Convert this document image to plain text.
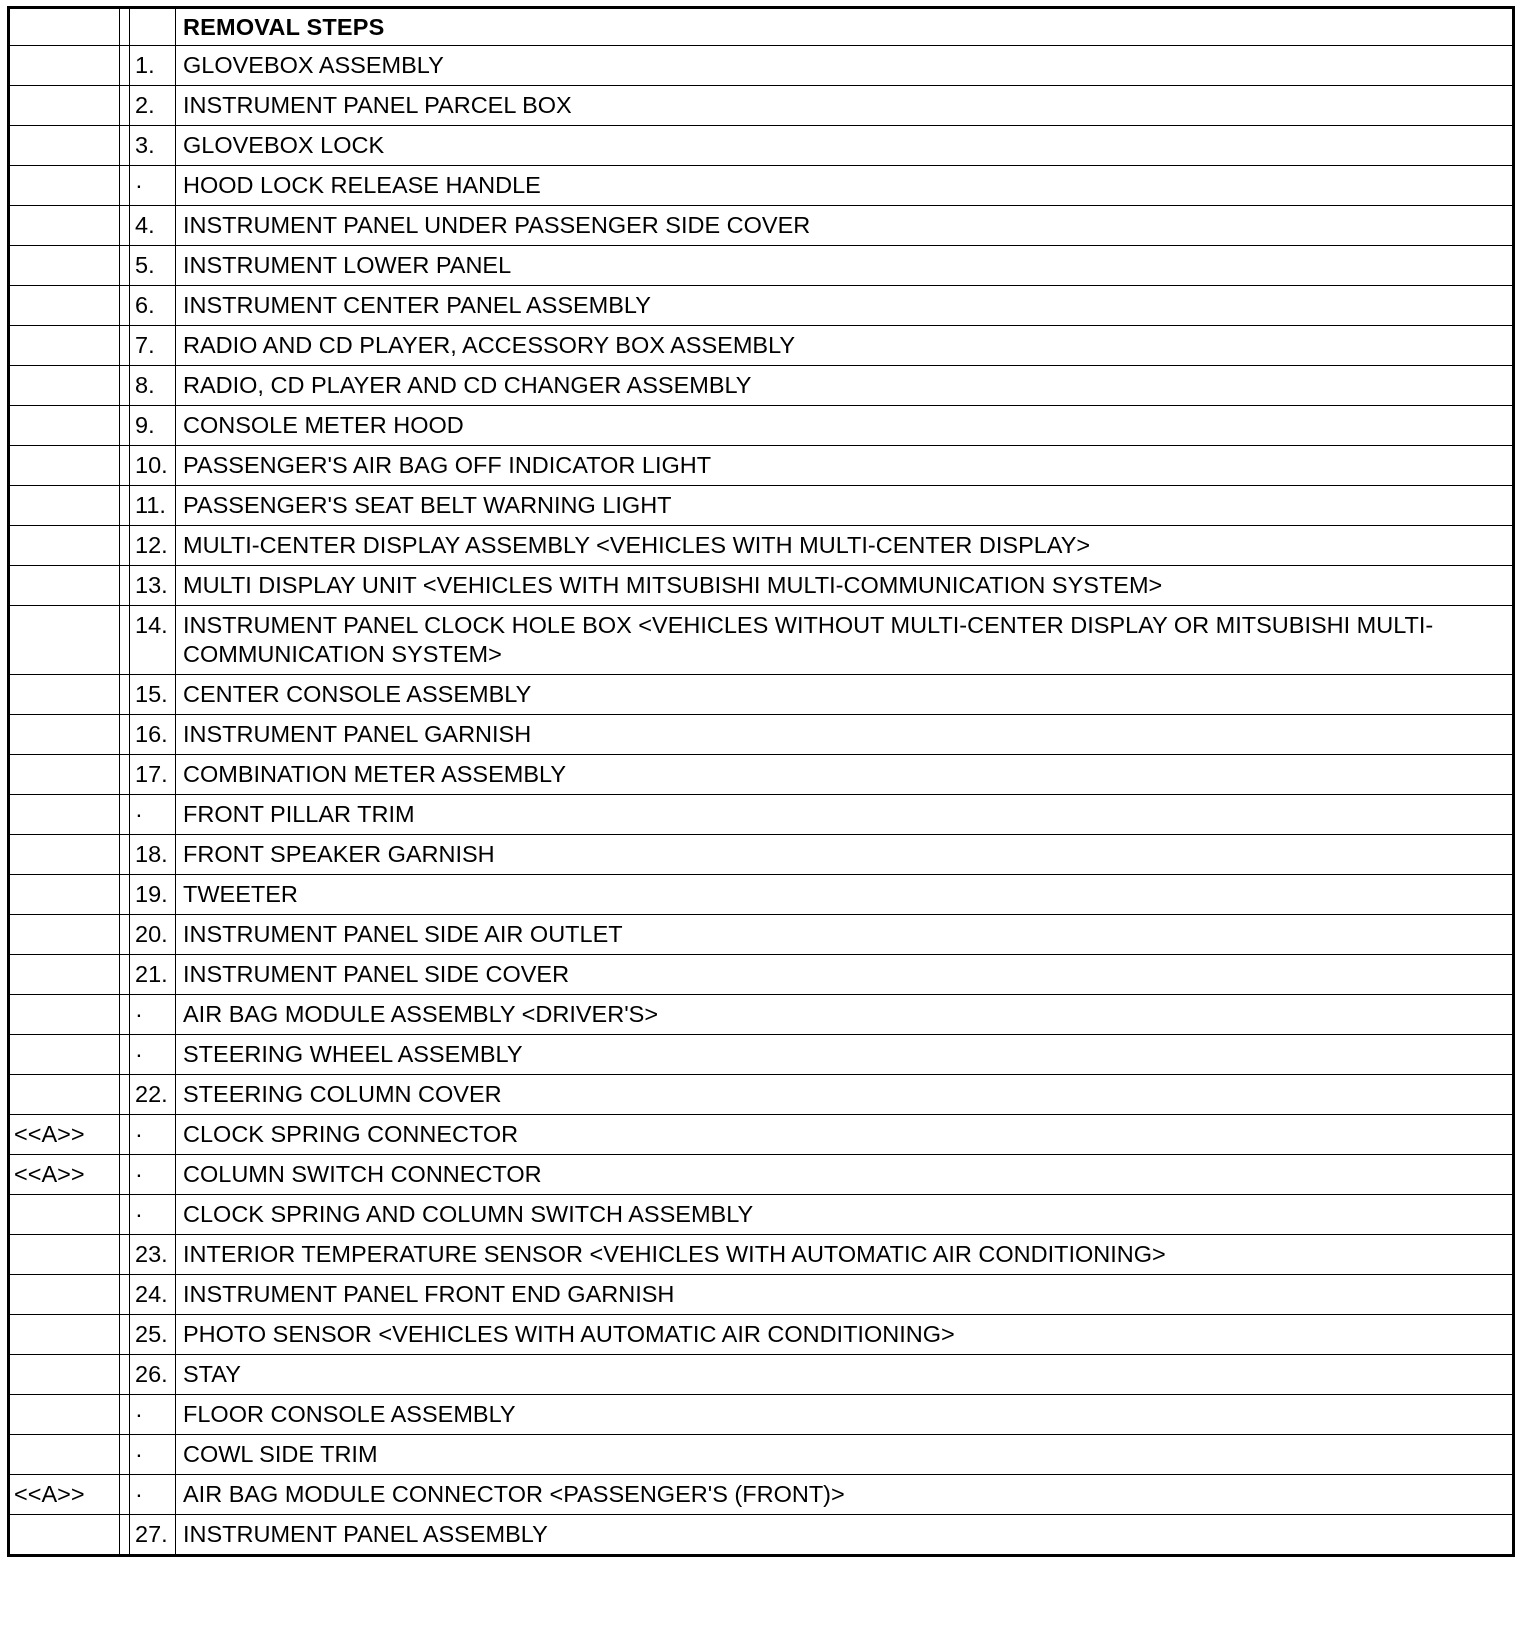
			REMOVAL STEPS
		1.	GLOVEBOX ASSEMBLY
		2.	INSTRUMENT PANEL PARCEL BOX
		3.	GLOVEBOX LOCK
		·	HOOD LOCK RELEASE HANDLE
		4.	INSTRUMENT PANEL UNDER PASSENGER SIDE COVER
		5.	INSTRUMENT LOWER PANEL
		6.	INSTRUMENT CENTER PANEL ASSEMBLY
		7.	RADIO AND CD PLAYER, ACCESSORY BOX ASSEMBLY
		8.	RADIO, CD PLAYER AND CD CHANGER ASSEMBLY
		9.	CONSOLE METER HOOD
		10.	PASSENGER'S AIR BAG OFF INDICATOR LIGHT
		11.	PASSENGER'S SEAT BELT WARNING LIGHT
		12.	MULTI-CENTER DISPLAY ASSEMBLY <VEHICLES WITH MULTI-CENTER DISPLAY>
		13.	MULTI DISPLAY UNIT <VEHICLES WITH MITSUBISHI MULTI-COMMUNICATION SYSTEM>
		14.	INSTRUMENT PANEL CLOCK HOLE BOX <VEHICLES WITHOUT MULTI-CENTER DISPLAY OR MITSUBISHI MULTI-COMMUNICATION SYSTEM>
		15.	CENTER CONSOLE ASSEMBLY
		16.	INSTRUMENT PANEL GARNISH
		17.	COMBINATION METER ASSEMBLY
		·	FRONT PILLAR TRIM
		18.	FRONT SPEAKER GARNISH
		19.	TWEETER
		20.	INSTRUMENT PANEL SIDE AIR OUTLET
		21.	INSTRUMENT PANEL SIDE COVER
		·	AIR BAG MODULE ASSEMBLY <DRIVER'S>
		·	STEERING WHEEL ASSEMBLY
		22.	STEERING COLUMN COVER
<<A>>		·	CLOCK SPRING CONNECTOR
<<A>>		·	COLUMN SWITCH CONNECTOR
		·	CLOCK SPRING AND COLUMN SWITCH ASSEMBLY
		23.	INTERIOR TEMPERATURE SENSOR <VEHICLES WITH AUTOMATIC AIR CONDITIONING>
		24.	INSTRUMENT PANEL FRONT END GARNISH
		25.	PHOTO SENSOR <VEHICLES WITH AUTOMATIC AIR CONDITIONING>
		26.	STAY
		·	FLOOR CONSOLE ASSEMBLY
		·	COWL SIDE TRIM
<<A>>		·	AIR BAG MODULE CONNECTOR <PASSENGER'S (FRONT)>
		27.	INSTRUMENT PANEL ASSEMBLY
